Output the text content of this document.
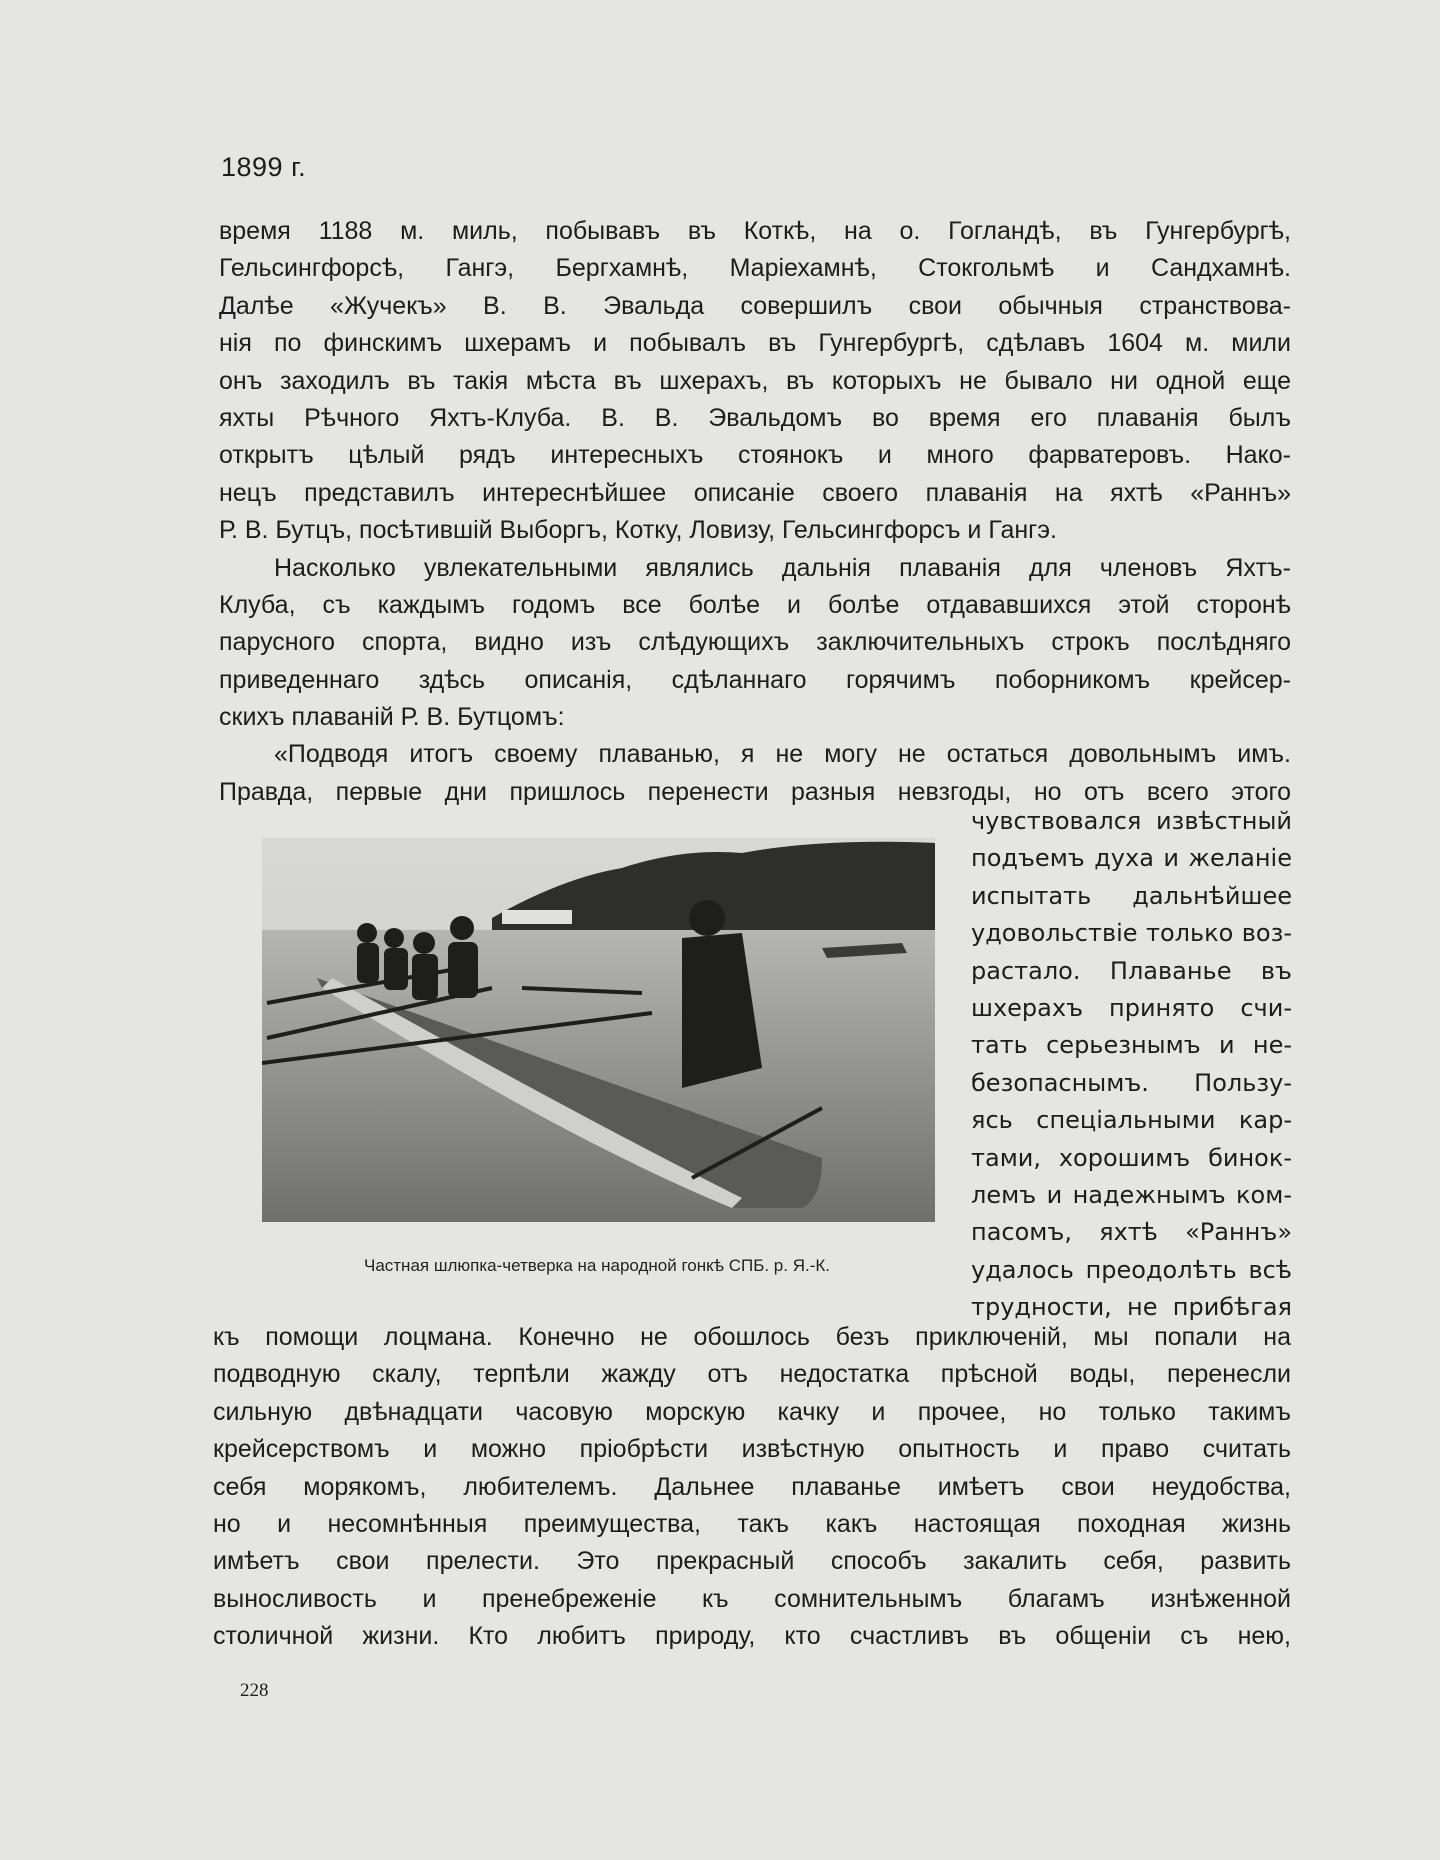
1899 г.
время 1188 м. миль, побывавъ въ Коткѣ, на о. Гогландѣ, въ Гунгербургѣ,
Гельсингфорсѣ, Гангэ, Бергхамнѣ, Маріехамнѣ, Стокгольмѣ и Сандхамнѣ.
Далѣе «Жучекъ» В. В. Эвальда совершилъ свои обычныя странствова-
нія по финскимъ шхерамъ и побывалъ въ Гунгербургѣ, сдѣлавъ 1604 м. мили
онъ заходилъ въ такія мѣста въ шхерахъ, въ которыхъ не бывало ни одной еще
яхты Рѣчного Яхтъ-Клуба. В. В. Эвальдомъ во время его плаванія былъ
открытъ цѣлый рядъ интересныхъ стоянокъ и много фарватеровъ. Нако-
нецъ представилъ интереснѣйшее описаніе своего плаванія на яхтѣ «Раннъ»
Р. В. Бутцъ, посѣтившій Выборгъ, Котку, Ловизу, Гельсингфорсъ и Гангэ.
Насколько увлекательными являлись дальнія плаванія для членовъ Яхтъ-
Клуба, съ каждымъ годомъ все болѣе и болѣе отдававшихся этой сторонѣ
парусного спорта, видно изъ слѣдующихъ заключительныхъ строкъ послѣдняго
приведеннаго здѣсь описанія, сдѣланнаго горячимъ поборникомъ крейсер-
скихъ плаваній Р. В. Бутцомъ:
«Подводя итогъ своему плаванью, я не могу не остаться довольнымъ имъ.
Правда, первые дни пришлось перенести разныя невзгоды, но отъ всего этого
чувствовался извѣстный
подъемъ духа и желаніе
испытать дальнѣйшее
удовольствіе только воз-
растало. Плаванье въ
шхерахъ принято счи-
тать серьезнымъ и не-
безопаснымъ. Пользу-
ясь спеціальными кар-
тами, хорошимъ бинок-
лемъ и надежнымъ ком-
пасомъ, яхтѣ «Раннъ»
удалось преодолѣть всѣ
трудности, не прибѣгая
къ помощи лоцмана. Конечно не обошлось безъ приключеній, мы попали на
подводную скалу, терпѣли жажду отъ недостатка прѣсной воды, перенесли
сильную двѣнадцати часовую морскую качку и прочее, но только такимъ
крейсерствомъ и можно пріобрѣсти извѣстную опытность и право считать
себя морякомъ, любителемъ. Дальнее плаванье имѣетъ свои неудобства,
но и несомнѣнныя преимущества, такъ какъ настоящая походная жизнь
имѣетъ свои прелести. Это прекрасный способъ закалить себя, развить
выносливость и пренебреженіе къ сомнительнымъ благамъ изнѣженной
столичной жизни. Кто любитъ природу, кто счастливъ въ общеніи съ нею,
Частная шлюпка-четверка на народной гонкѣ СПБ. р. Я.-К.
228
